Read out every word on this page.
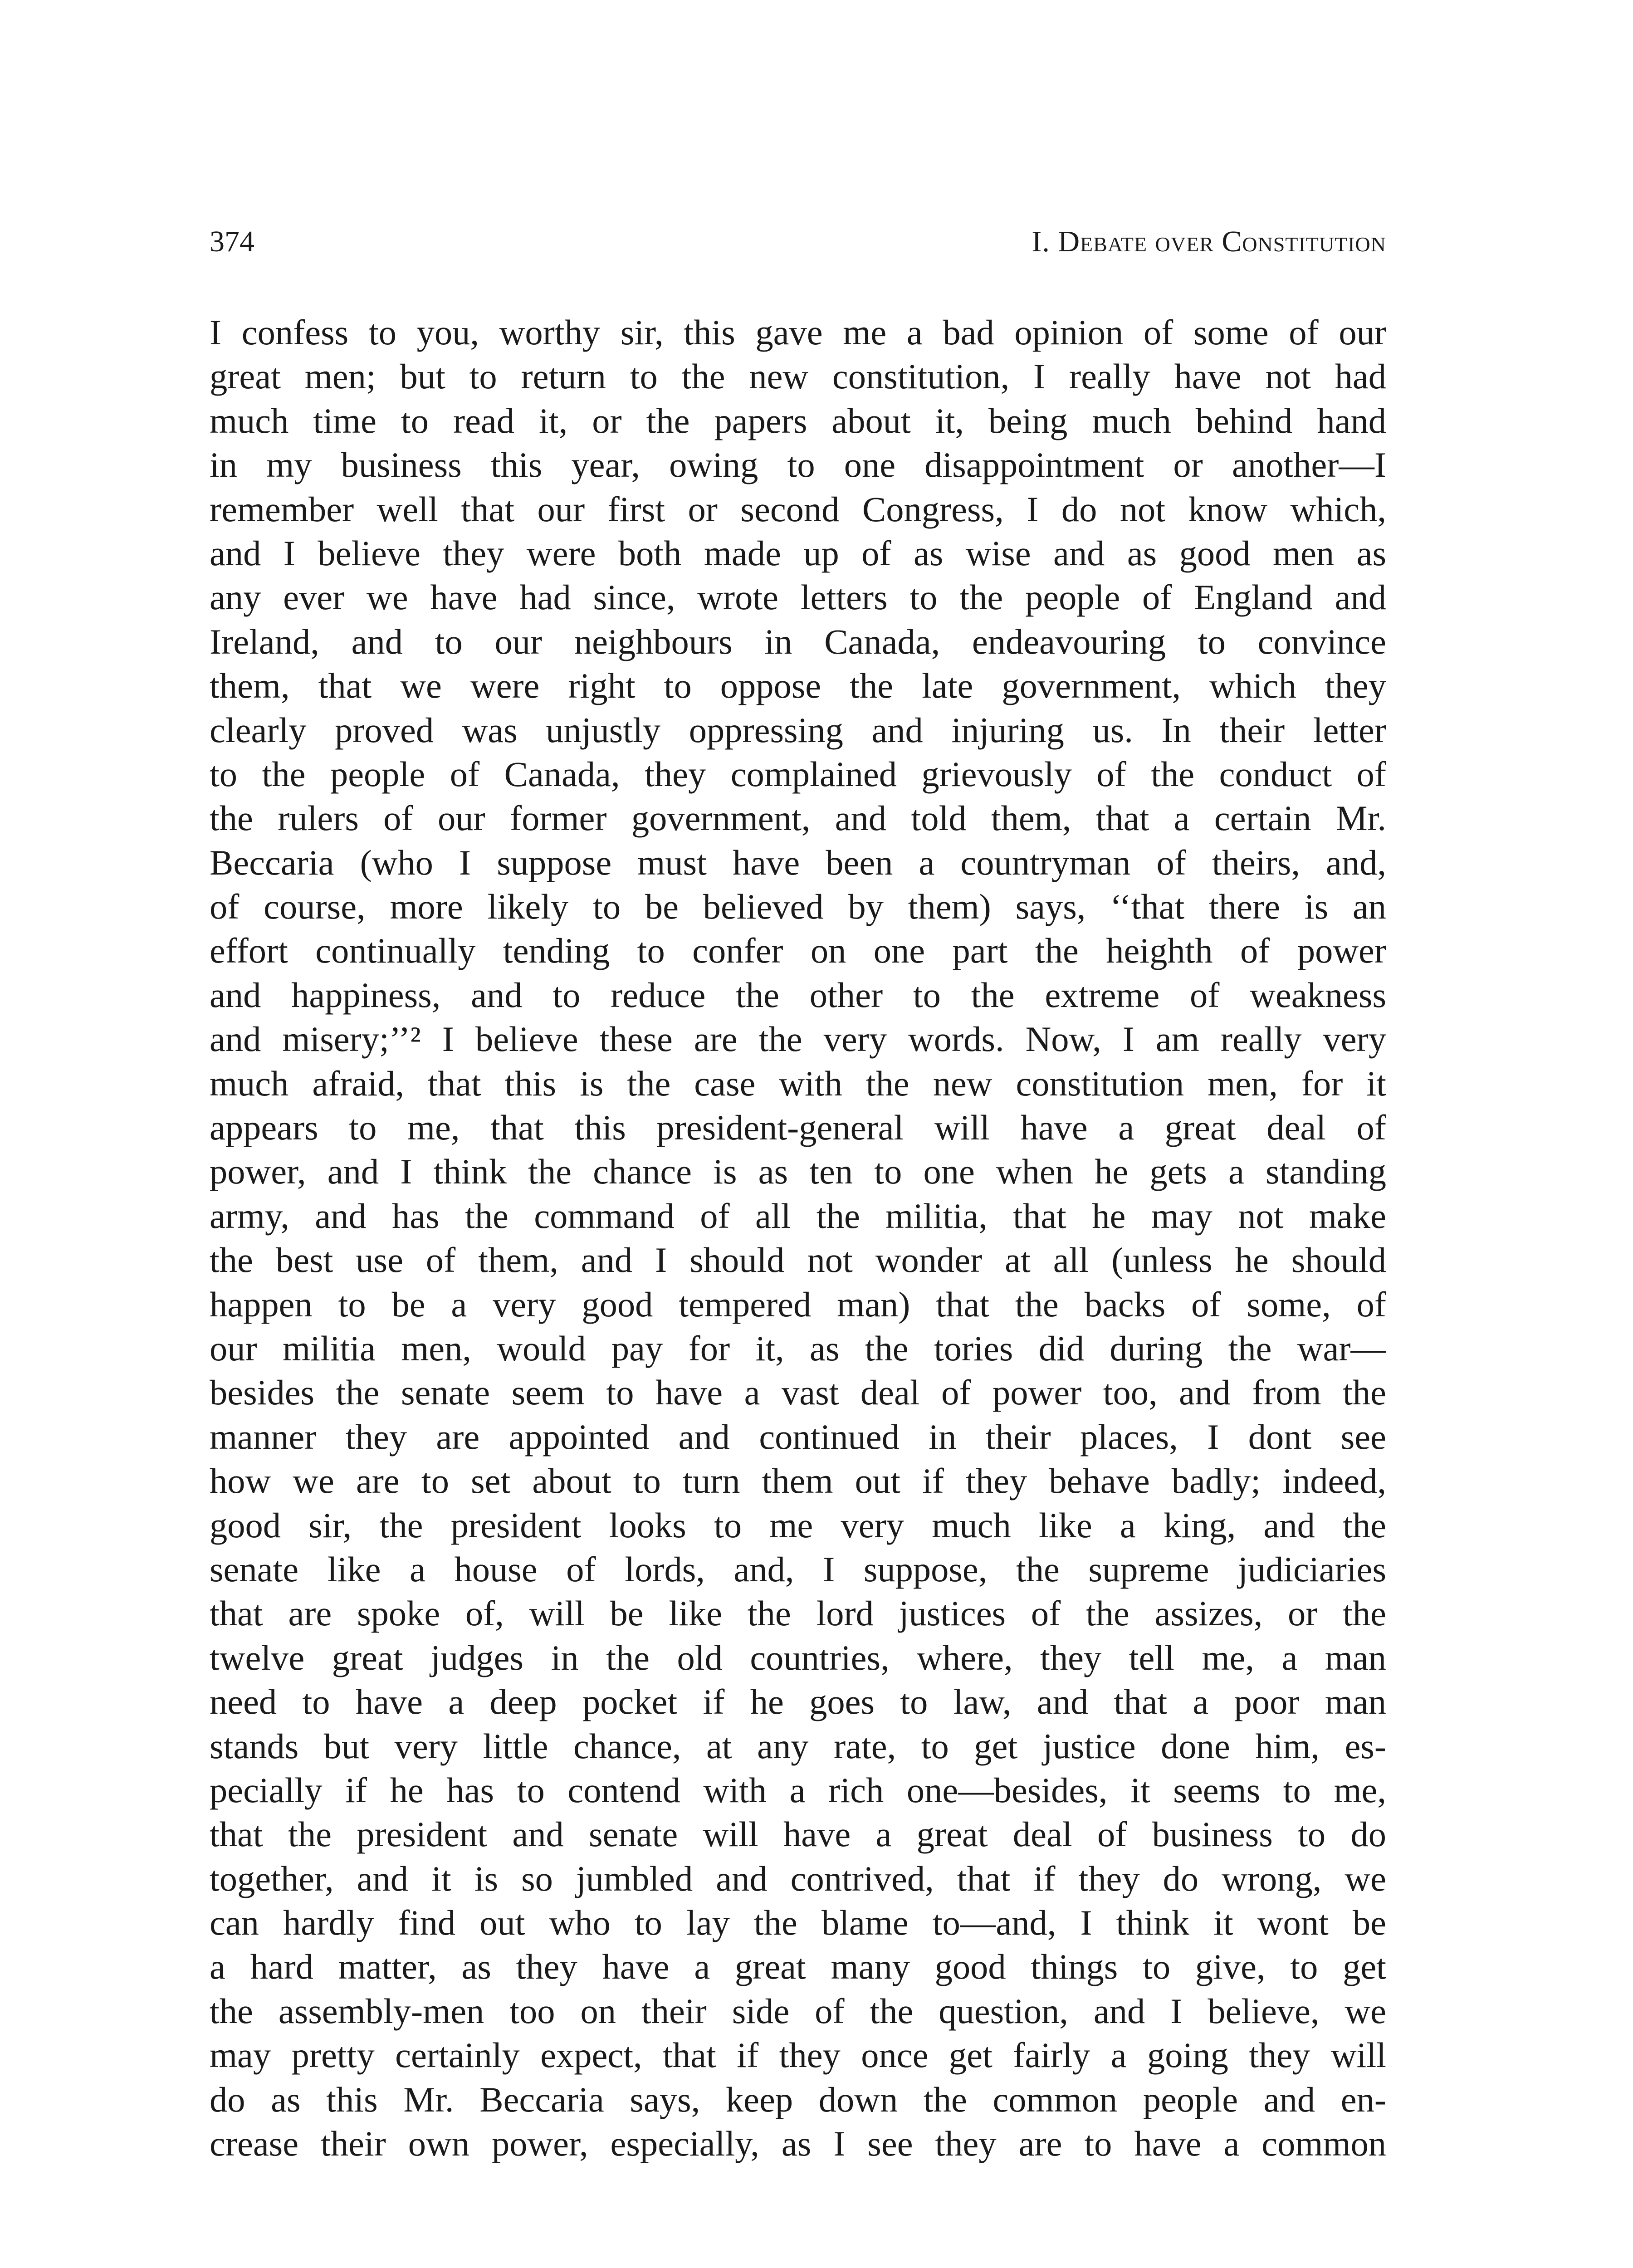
374	I. Debate over Constitution
I confess to you, worthy sir, this gave me a bad opinion of some of our
great men; but to return to the new constitution, I really have not had
much time to read it, or the papers about it, being much behind hand
in my business this year, owing to one disappointment or another—I
remember well that our first or second Congress, I do not know which,
and I believe they were both made up of as wise and as good men as
any ever we have had since, wrote letters to the people of England and
Ireland, and to our neighbours in Canada, endeavouring to convince
them, that we were right to oppose the late government, which they
clearly proved was unjustly oppressing and injuring us. In their letter
to the people of Canada, they complained grievously of the conduct of
the rulers of our former government, and told them, that a certain Mr.
Beccaria (who I suppose must have been a countryman of theirs, and,
of course, more likely to be believed by them) says, ‘‘that there is an
effort continually tending to confer on one part the heighth of power
and happiness, and to reduce the other to the extreme of weakness
and misery;’’² I believe these are the very words. Now, I am really very
much afraid, that this is the case with the new constitution men, for it
appears to me, that this president-general will have a great deal of
power, and I think the chance is as ten to one when he gets a standing
army, and has the command of all the militia, that he may not make
the best use of them, and I should not wonder at all (unless he should
happen to be a very good tempered man) that the backs of some, of
our militia men, would pay for it, as the tories did during the war—
besides the senate seem to have a vast deal of power too, and from the
manner they are appointed and continued in their places, I dont see
how we are to set about to turn them out if they behave badly; indeed,
good sir, the president looks to me very much like a king, and the
senate like a house of lords, and, I suppose, the supreme judiciaries
that are spoke of, will be like the lord justices of the assizes, or the
twelve great judges in the old countries, where, they tell me, a man
need to have a deep pocket if he goes to law, and that a poor man
stands but very little chance, at any rate, to get justice done him, es-
pecially if he has to contend with a rich one—besides, it seems to me,
that the president and senate will have a great deal of business to do
together, and it is so jumbled and contrived, that if they do wrong, we
can hardly find out who to lay the blame to—and, I think it wont be
a hard matter, as they have a great many good things to give, to get
the assembly-men too on their side of the question, and I believe, we
may pretty certainly expect, that if they once get fairly a going they will
do as this Mr. Beccaria says, keep down the common people and en-
crease their own power, especially, as I see they are to have a common
